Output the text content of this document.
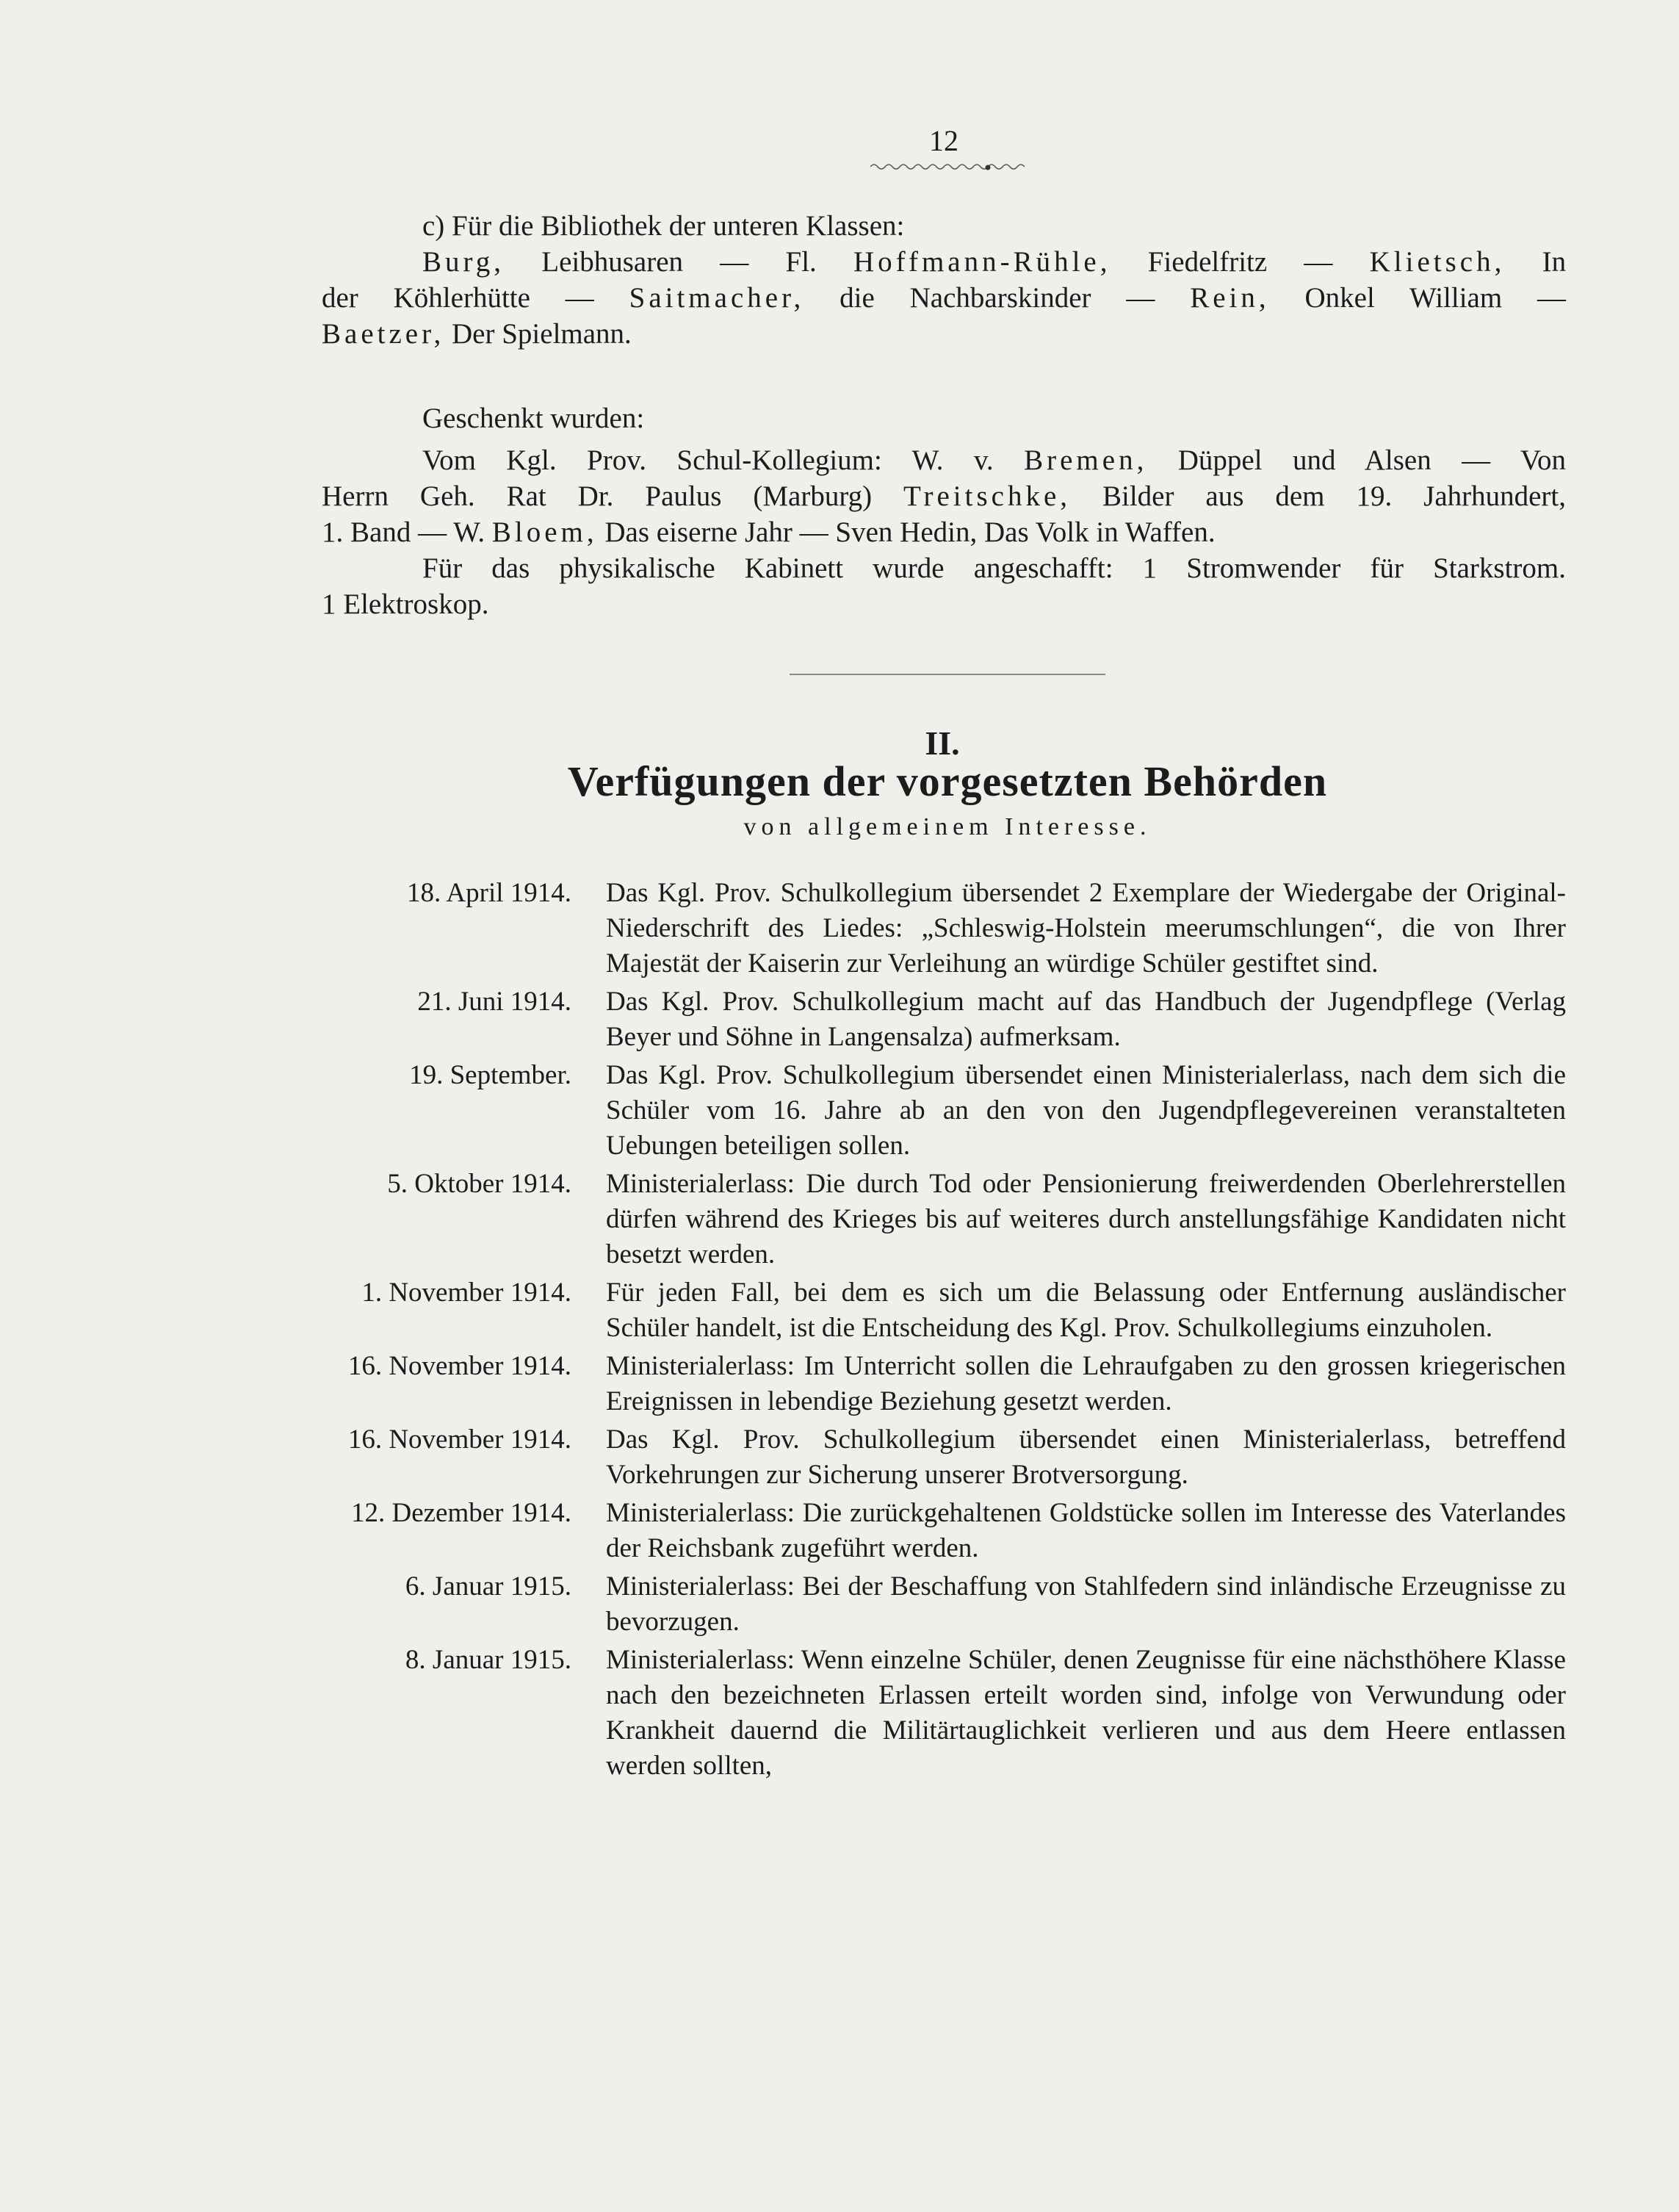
12
c) Für die Bibliothek der unteren Klassen:
Burg, Leibhusaren — Fl. Hoffmann-Rühle, Fiedelfritz — Klietsch, In
der Köhlerhütte — Saitmacher, die Nachbarskinder — Rein, Onkel William —
Baetzer, Der Spielmann.
Geschenkt wurden:
Vom Kgl. Prov. Schul-Kollegium: W. v. Bremen, Düppel und Alsen — Von
Herrn Geh. Rat Dr. Paulus (Marburg) Treitschke, Bilder aus dem 19. Jahrhundert,
1. Band — W. Bloem, Das eiserne Jahr — Sven Hedin, Das Volk in Waffen.
Für das physikalische Kabinett wurde angeschafft: 1 Stromwender für Starkstrom.
1 Elektroskop.
II.
Verfügungen der vorgesetzten Behörden
von allgemeinem Interesse.
18. April 1914.	Das Kgl. Prov. Schulkollegium übersendet 2 Exemplare der Wiedergabe der Original-Niederschrift des Liedes: „Schleswig-Holstein meerumschlungen“, die von Ihrer Majestät der Kaiserin zur Verleihung an würdige Schüler gestiftet sind.
21. Juni 1914.	Das Kgl. Prov. Schulkollegium macht auf das Handbuch der Jugendpflege (Verlag Beyer und Söhne in Langensalza) aufmerksam.
19. September.	Das Kgl. Prov. Schulkollegium übersendet einen Ministerialerlass, nach dem sich die Schüler vom 16. Jahre ab an den von den Jugendpflegevereinen veranstalteten Uebungen beteiligen sollen.
5. Oktober 1914.	Ministerialerlass: Die durch Tod oder Pensionierung freiwerdenden Oberlehrerstellen dürfen während des Krieges bis auf weiteres durch anstellungsfähige Kandidaten nicht besetzt werden.
1. November 1914.	Für jeden Fall, bei dem es sich um die Belassung oder Entfernung ausländischer Schüler handelt, ist die Entscheidung des Kgl. Prov. Schulkollegiums einzuholen.
16. November 1914.	Ministerialerlass: Im Unterricht sollen die Lehraufgaben zu den grossen kriegerischen Ereignissen in lebendige Beziehung gesetzt werden.
16. November 1914.	Das Kgl. Prov. Schulkollegium übersendet einen Ministerialerlass, betreffend Vorkehrungen zur Sicherung unserer Brotversorgung.
12. Dezember 1914.	Ministerialerlass: Die zurückgehaltenen Goldstücke sollen im Interesse des Vaterlandes der Reichsbank zugeführt werden.
6. Januar 1915.	Ministerialerlass: Bei der Beschaffung von Stahlfedern sind inländische Erzeugnisse zu bevorzugen.
8. Januar 1915.	Ministerialerlass: Wenn einzelne Schüler, denen Zeugnisse für eine nächsthöhere Klasse nach den bezeichneten Erlassen erteilt worden sind, infolge von Verwundung oder Krankheit dauernd die Militärtauglichkeit verlieren und aus dem Heere entlassen werden sollten,
